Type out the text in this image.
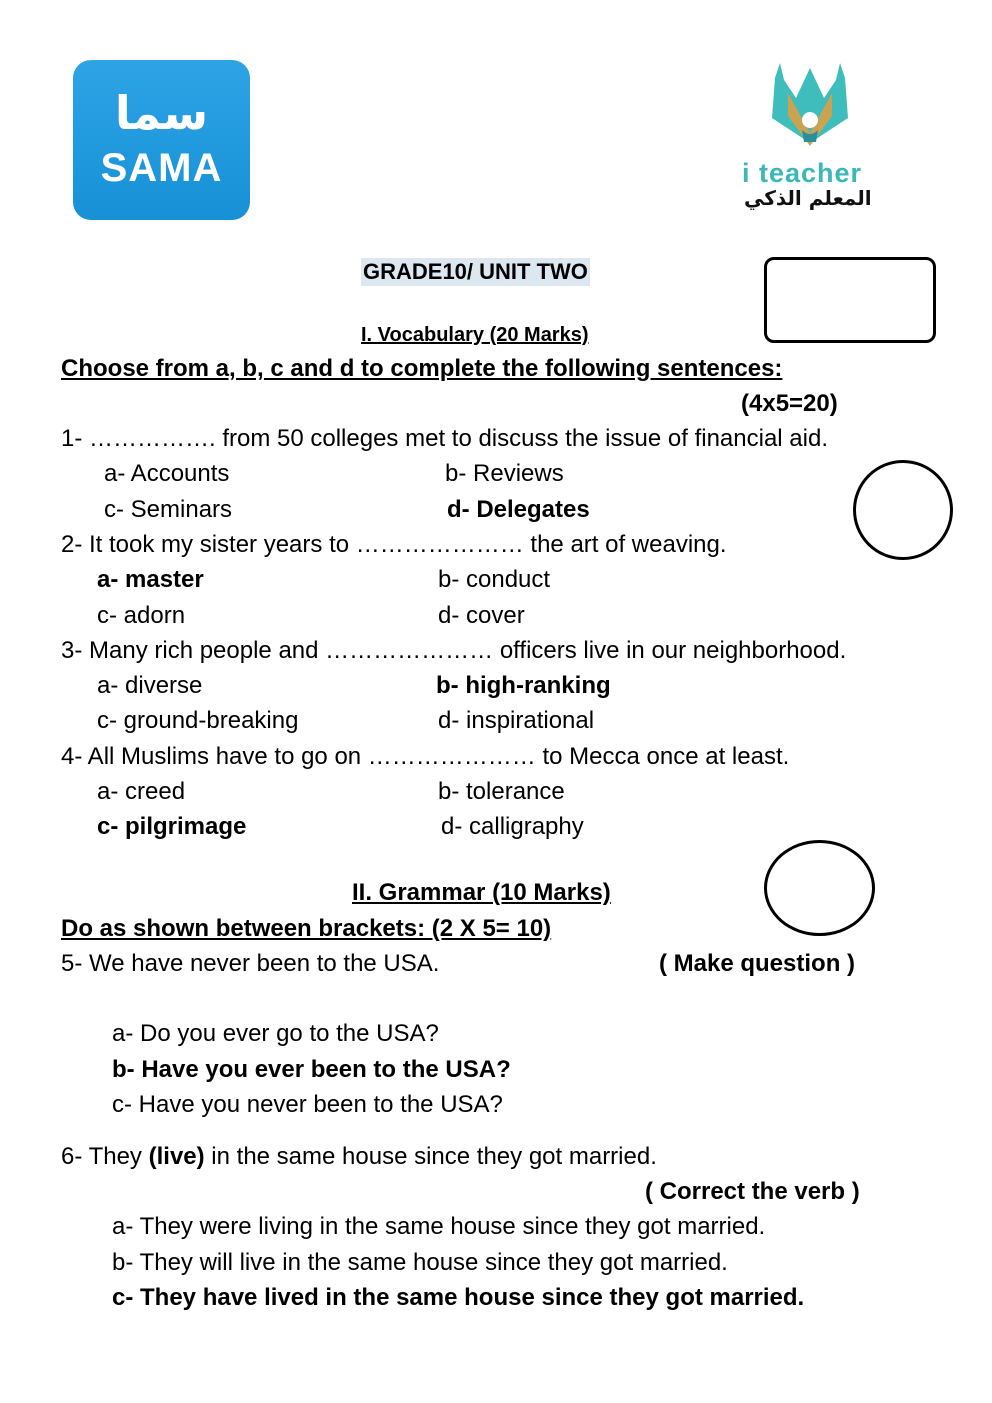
سما
SAMA	i teacher
المعلم الذكي
GRADE10/ UNIT TWO
I. Vocabulary (20 Marks)
Choose from a, b, c and d to complete the following sentences:
(4x5=20)
1- ……………. from 50 colleges met to discuss the issue of financial aid.
a- Accounts	b- Reviews
c- Seminars	d- Delegates
2- It took my sister years to ………………… the art of weaving.
a- master	b- conduct
c- adorn	d- cover
3- Many rich people and ………………… officers live in our neighborhood.
a- diverse	b- high-ranking
c- ground-breaking	d- inspirational
4- All Muslims have to go on ………………… to Mecca once at least.
a- creed	b- tolerance
c- pilgrimage	d- calligraphy
II. Grammar (10 Marks)
Do as shown between brackets: (2 X 5= 10)
5- We have never been to the USA.	( Make question )
a- Do you ever go to the USA?
b- Have you ever been to the USA?
c- Have you never been to the USA?
6- They (live) in the same house since they got married.
( Correct the verb )
a- They were living in the same house since they got married.
b- They will live in the same house since they got married.
c- They have lived in the same house since they got married.
